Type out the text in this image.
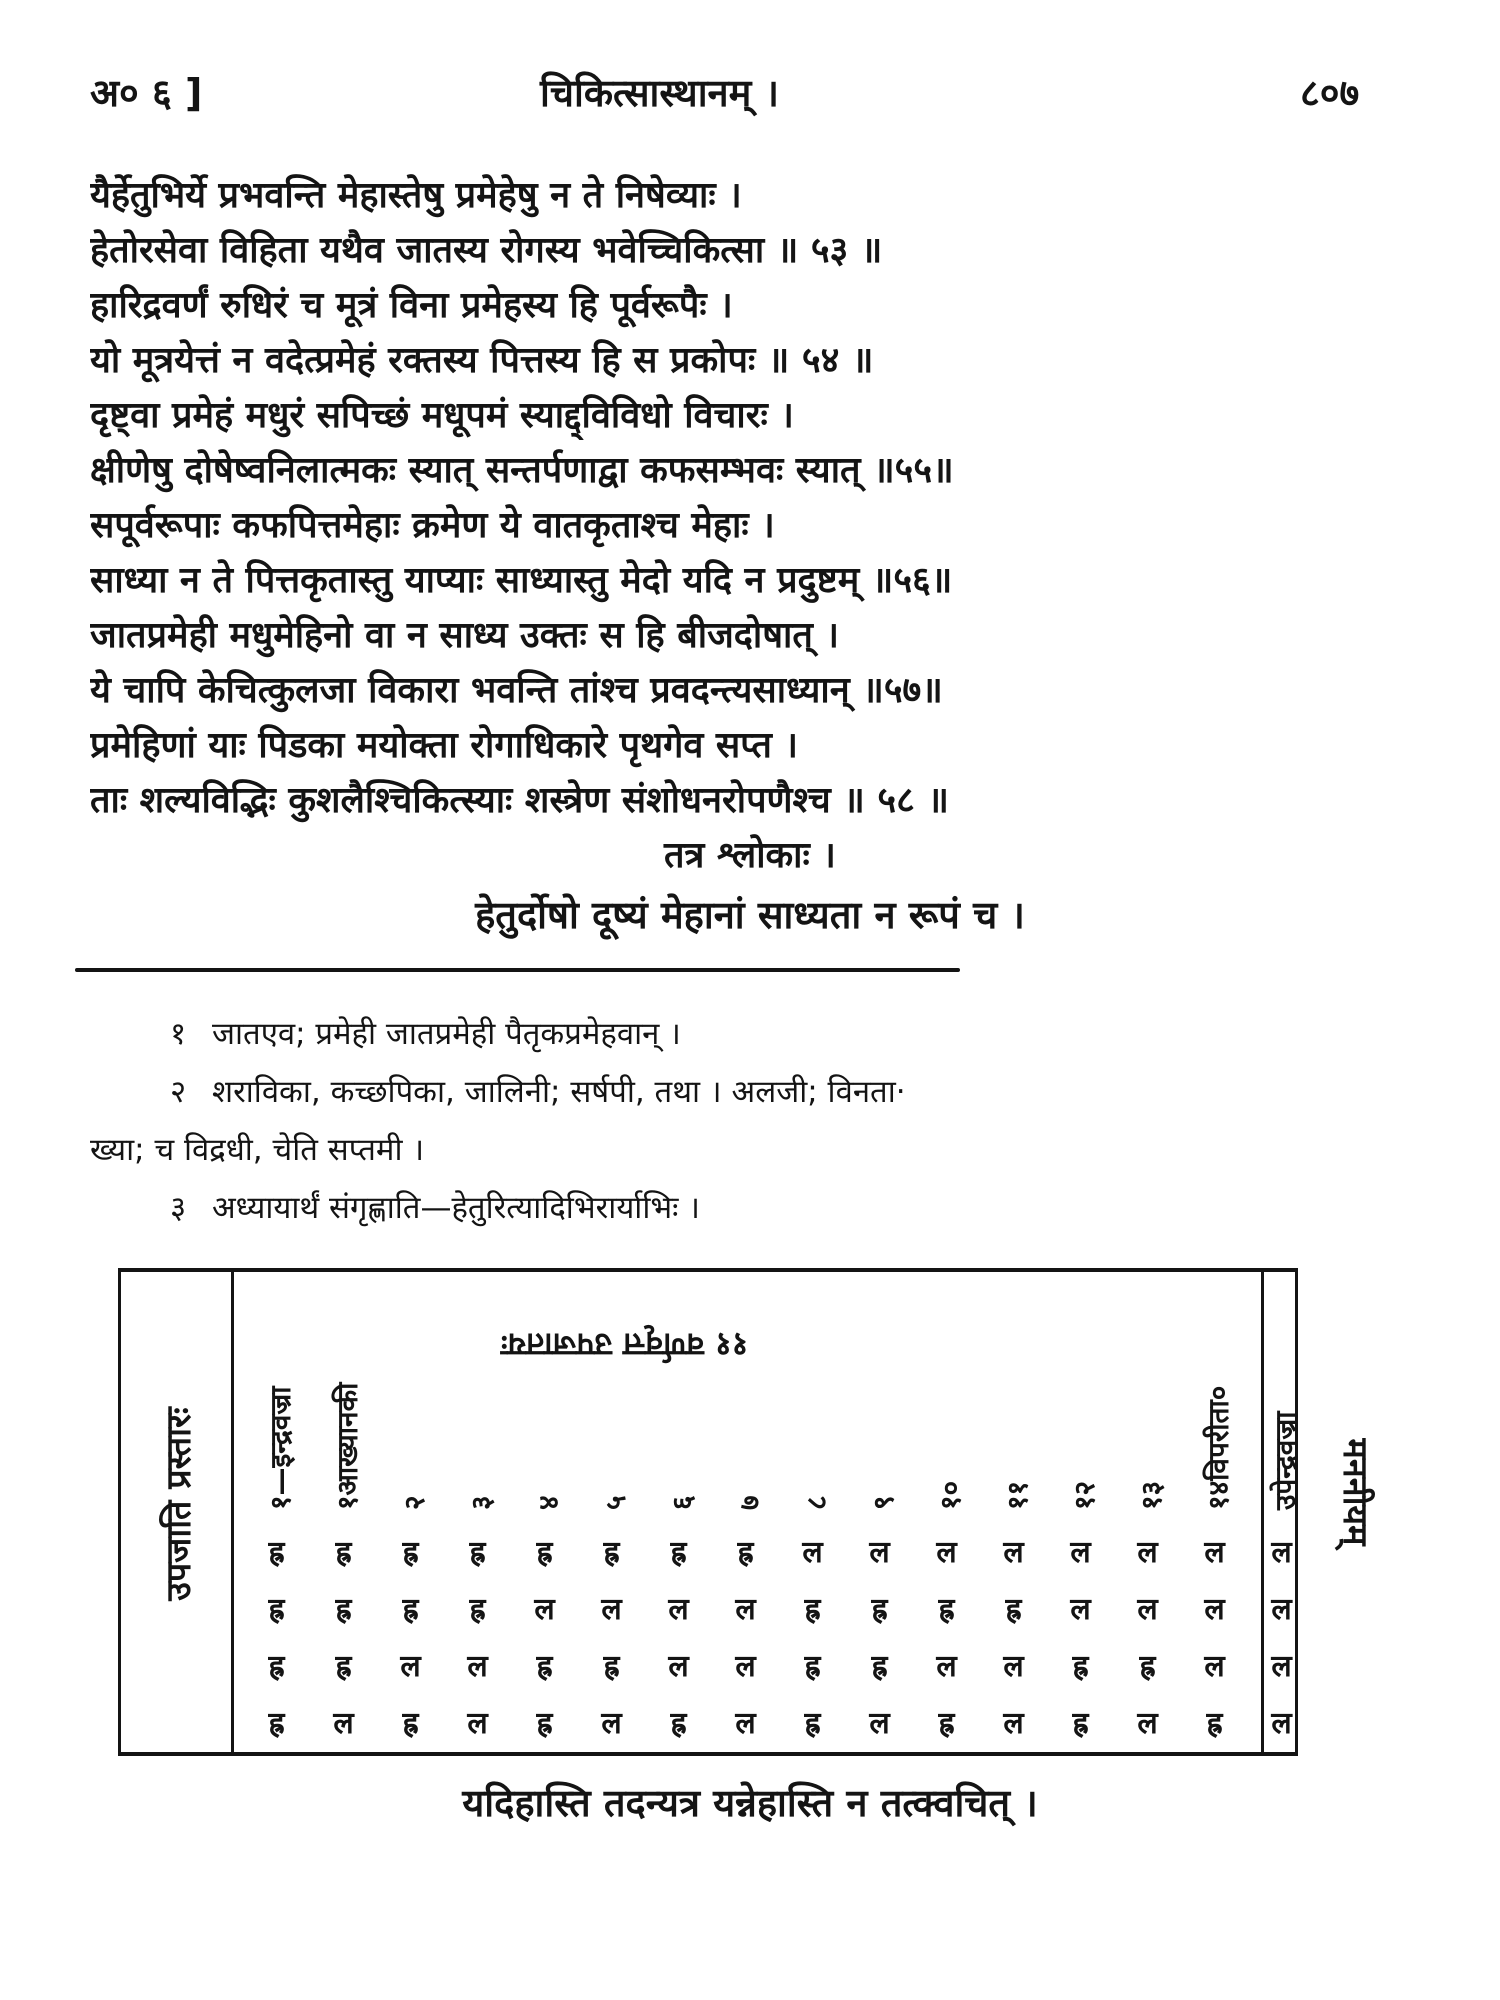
अ० ६ ]	चिकित्सास्थानम् ।	८०७
यैर्हेतुभिर्ये प्रभवन्ति मेहास्तेषु प्रमेहेषु न ते निषेव्याः ।
हेतोरसेवा विहिता यथैव जातस्य रोगस्य भवेच्चिकित्सा ॥ ५३ ॥
हारिद्रवर्णं रुधिरं च मूत्रं विना प्रमेहस्य हि पूर्वरूपैः ।
यो मूत्रयेत्तं न वदेत्प्रमेहं रक्तस्य पित्तस्य हि स प्रकोपः ॥ ५४ ॥
दृष्ट्वा प्रमेहं मधुरं सपिच्छं मधूपमं स्याद्द्विविधो विचारः ।
क्षीणेषु दोषेष्वनिलात्मकः स्यात् सन्तर्पणाद्वा कफसम्भवः स्यात् ॥५५॥
सपूर्वरूपाः कफपित्तमेहाः क्रमेण ये वातकृताश्च मेहाः ।
साध्या न ते पित्तकृतास्तु याप्याः साध्यास्तु मेदो यदि न प्रदुष्टम् ॥५६॥
जातप्रमेही मधुमेहिनो वा न साध्य उक्तः स हि बीजदोषात् ।
ये चापि केचित्कुलजा विकारा भवन्ति तांश्च प्रवदन्त्यसाध्यान् ॥५७॥
प्रमेहिणां याः पिडका मयोक्ता रोगाधिकारे पृथगेव सप्त ।
ताः शल्यविद्भिः कुशलैश्चिकित्स्याः शस्त्रेण संशोधनरोपणैश्च ॥ ५८ ॥
तत्र श्लोकाः ।
हेतुर्दोषो दूष्यं मेहानां साध्यता न रूपं च ।
१ जातएव; प्रमेही जातप्रमेही पैतृकप्रमेहवान् ।
२ शराविका, कच्छपिका, जालिनी; सर्षपी, तथा । अलजी; विनता·
ख्या; च विद्रधी, चेति सप्तमी ।
३ अध्यायार्थं संगृह्णाति—हेतुरित्यादिभिरार्याभिः ।
उपजाति प्रस्तारः
११ वर्णवृत्त उपजातयः
१—इन्द्रवज्रा १आख्यानकी २ ३ ४ ५ ६ ७ ८ ९ १० ११ १२ १३ १४विपरीता० उपेन्द्रवज्रा
ह्र	ह्र	ह्र	ह्र	ह्र	ह्र	ह्र	ह्र	ल	ल	ल	ल	ल	ल	ल	ल
ह्र	ह्र	ह्र	ह्र	ल	ल	ल	ल	ह्र	ह्र	ह्र	ह्र	ल	ल	ल	ल
ह्र	ह्र	ल	ल	ह्र	ह्र	ल	ल	ह्र	ह्र	ल	ल	ह्र	ह्र	ल	ल
ह्र	ल	ह्र	ल	ह्र	ल	ह्र	ल	ह्र	ल	ह्र	ल	ह्र	ल	ह्र	ल
मननीयम्
यदिहास्ति तदन्यत्र यन्नेहास्ति न तत्क्वचित् ।
